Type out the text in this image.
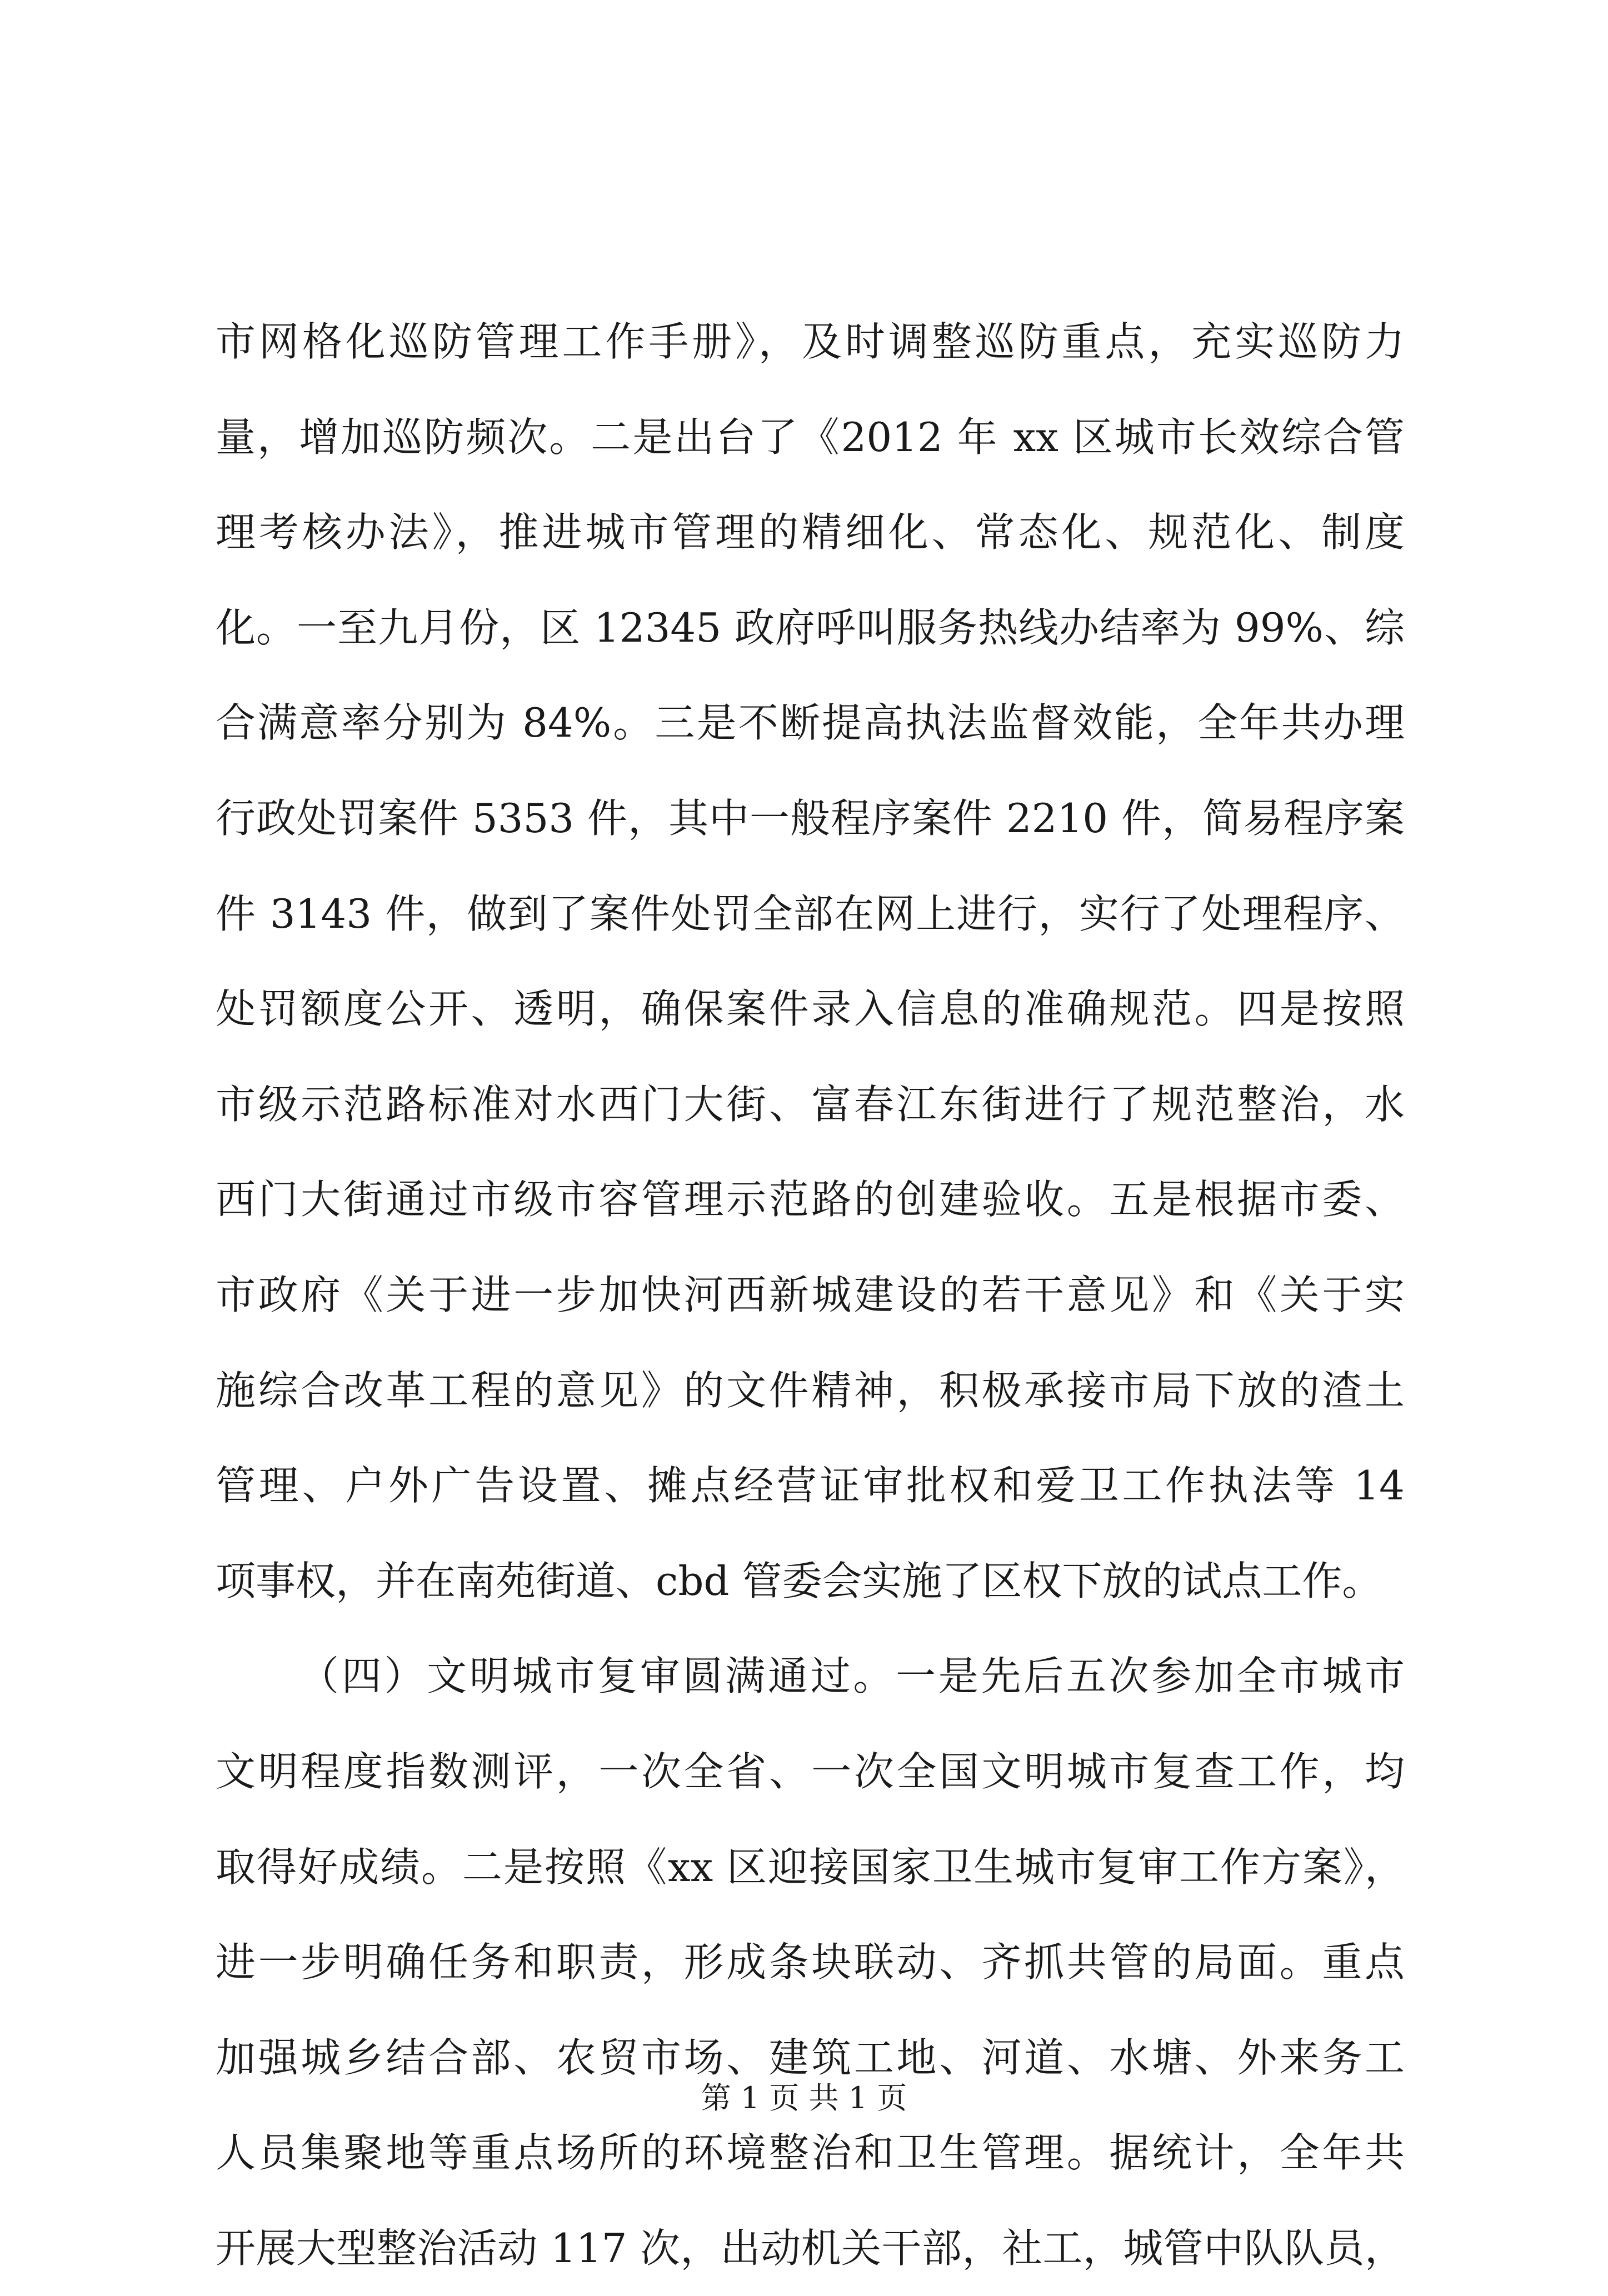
市网格化巡防管理工作手册》，及时调整巡防重点，充实巡防力
量，增加巡防频次。二是出台了《2012 年 xx 区城市长效综合管
理考核办法》，推进城市管理的精细化、常态化、规范化、制度
化。一至九月份，区 12345 政府呼叫服务热线办结率为 99%、综
合满意率分别为 84%。三是不断提高执法监督效能，全年共办理
行政处罚案件 5353 件，其中一般程序案件 2210 件，简易程序案
件 3143 件，做到了案件处罚全部在网上进行，实行了处理程序、
处罚额度公开、透明，确保案件录入信息的准确规范。四是按照
市级示范路标准对水西门大街、富春江东街进行了规范整治，水
西门大街通过市级市容管理示范路的创建验收。五是根据市委、
市政府《关于进一步加快河西新城建设的若干意见》和《关于实
施综合改革工程的意见》的文件精神，积极承接市局下放的渣土
管理、户外广告设置、摊点经营证审批权和爱卫工作执法等 14
项事权，并在南苑街道、cbd 管委会实施了区权下放的试点工作。
（四）文明城市复审圆满通过。一是先后五次参加全市城市
文明程度指数测评，一次全省、一次全国文明城市复查工作，均
取得好成绩。二是按照《xx 区迎接国家卫生城市复审工作方案》，
进一步明确任务和职责，形成条块联动、齐抓共管的局面。重点
加强城乡结合部、农贸市场、建筑工地、河道、水塘、外来务工
人员集聚地等重点场所的环境整治和卫生管理。据统计，全年共
开展大型整治活动 117 次，出动机关干部，社工，城管中队队员，
第 1 页 共 1 页
